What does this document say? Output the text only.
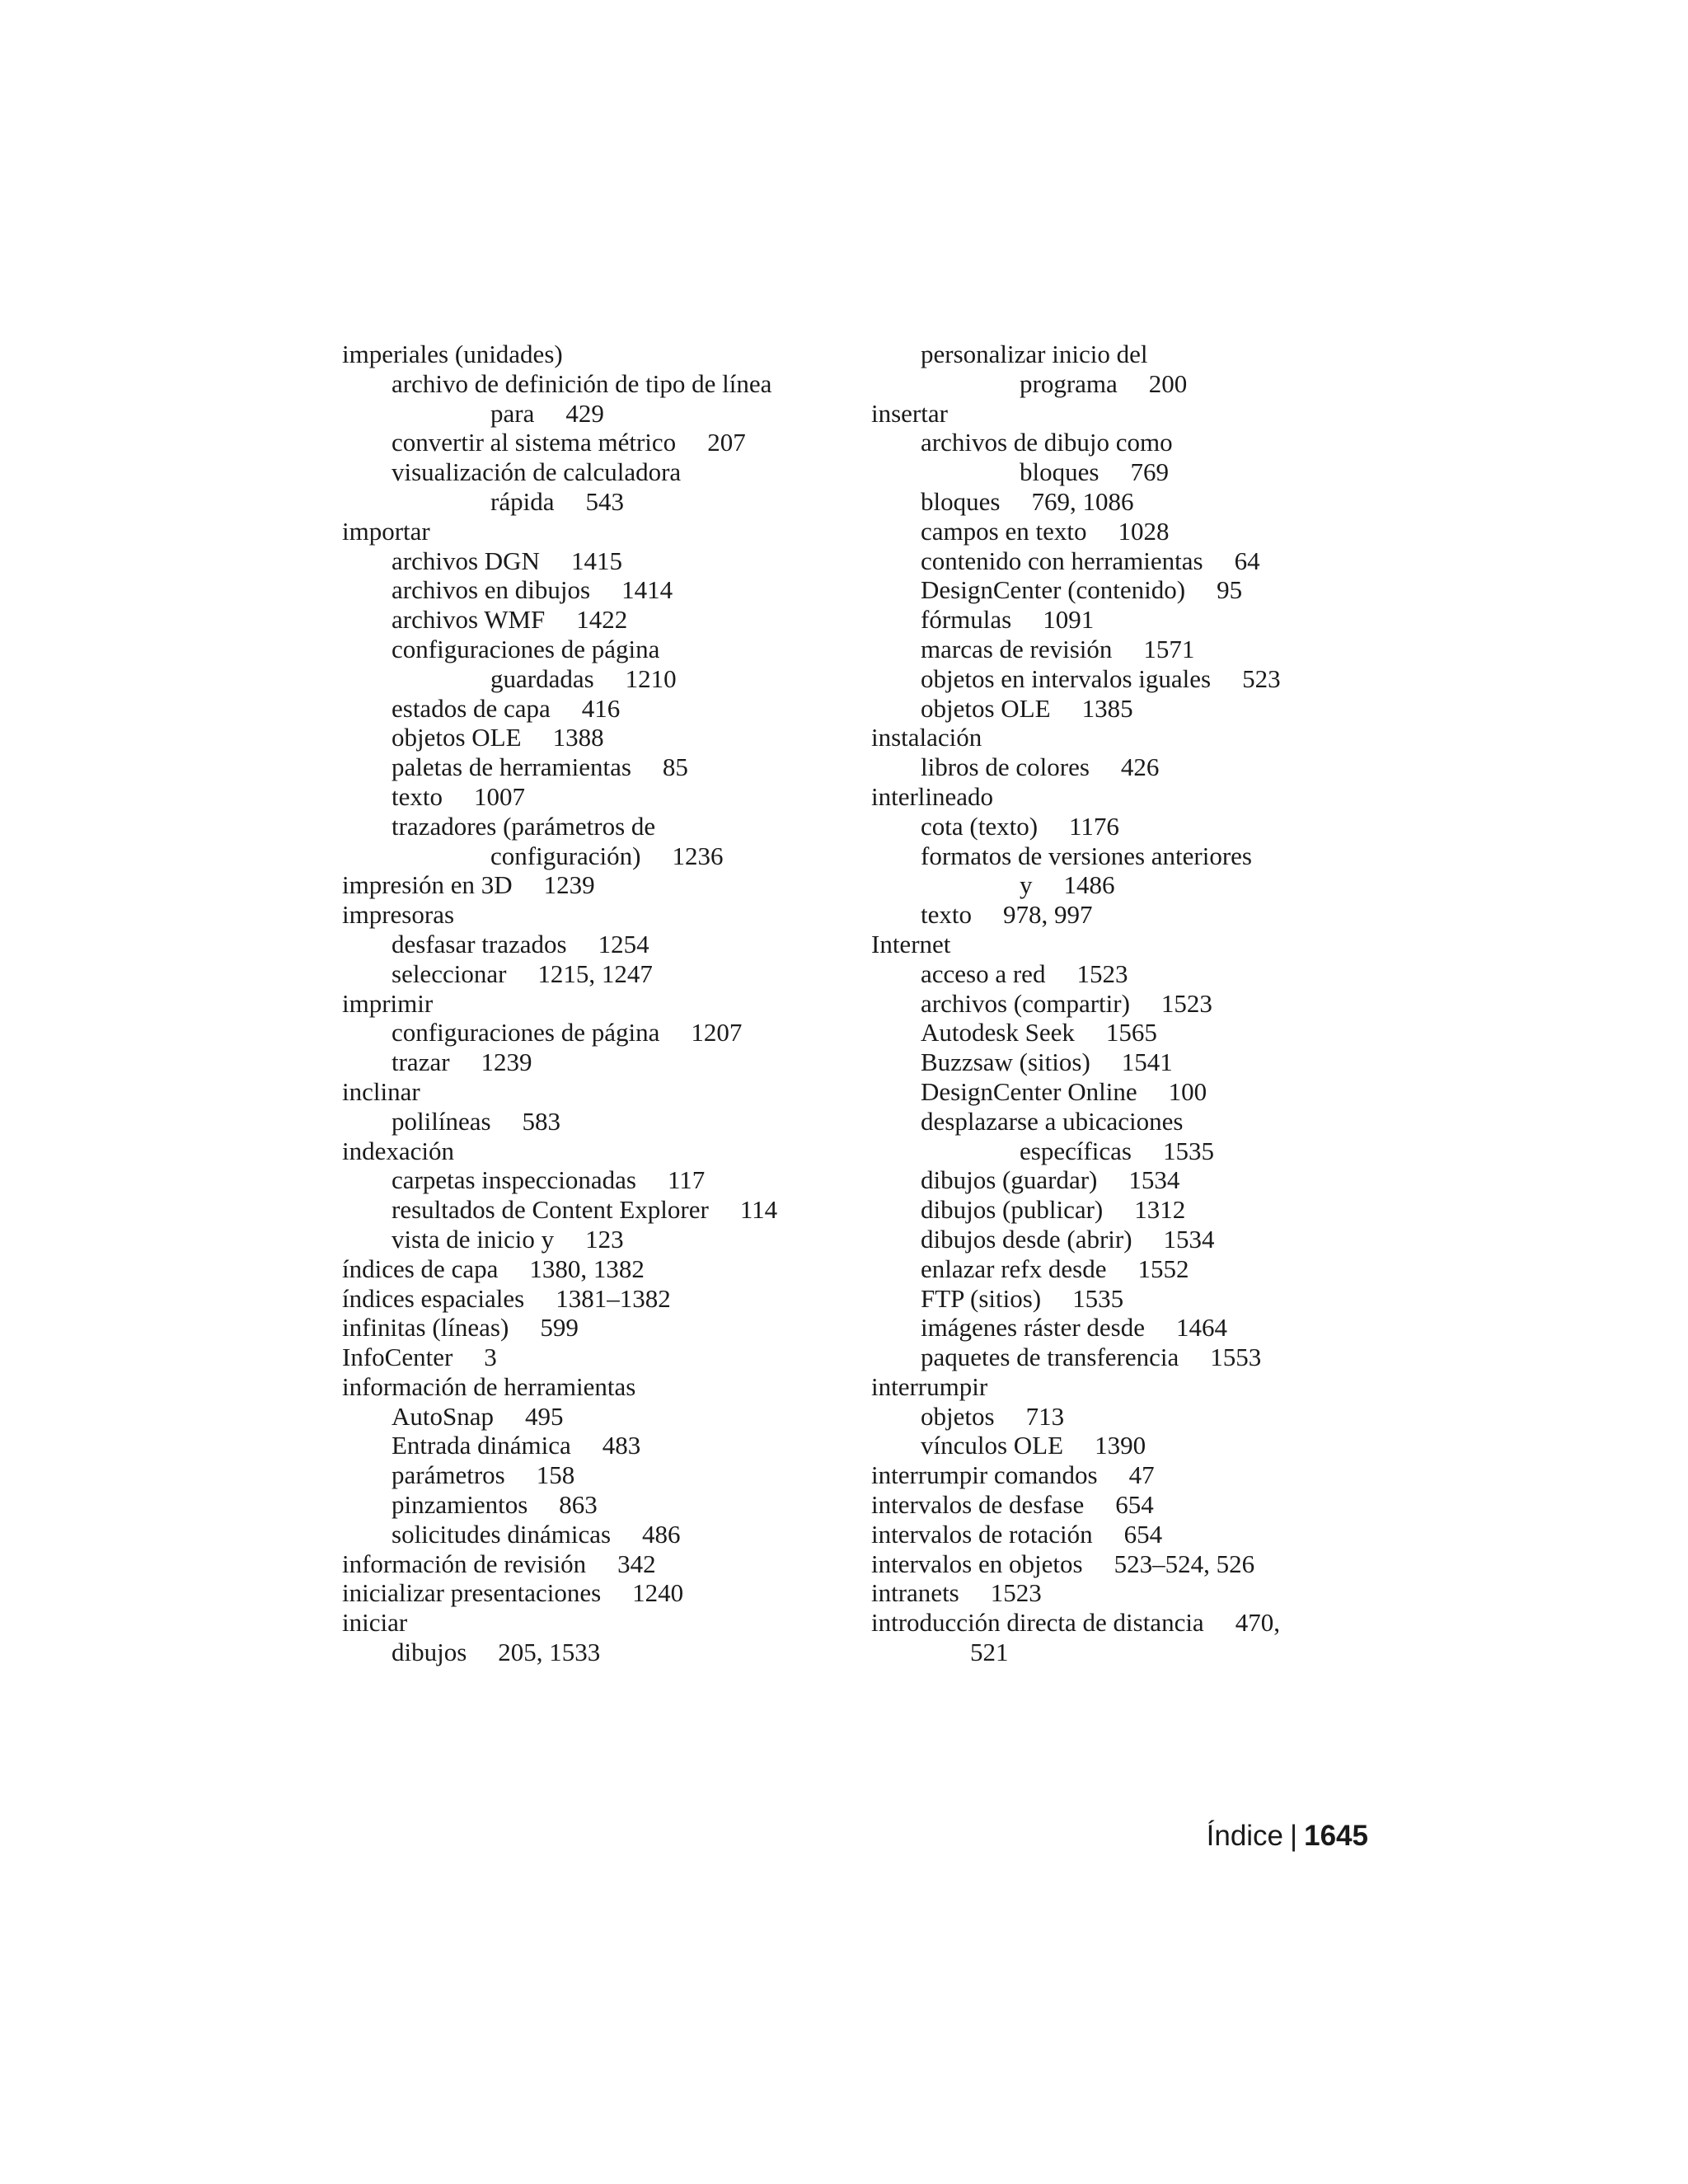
imperiales (unidades)
archivo de definición de tipo de línea
para 429
convertir al sistema métrico 207
visualización de calculadora
rápida 543
importar
archivos DGN 1415
archivos en dibujos 1414
archivos WMF 1422
configuraciones de página
guardadas 1210
estados de capa 416
objetos OLE 1388
paletas de herramientas 85
texto 1007
trazadores (parámetros de
configuración) 1236
impresión en 3D 1239
impresoras
desfasar trazados 1254
seleccionar 1215, 1247
imprimir
configuraciones de página 1207
trazar 1239
inclinar
polilíneas 583
indexación
carpetas inspeccionadas 117
resultados de Content Explorer 114
vista de inicio y 123
índices de capa 1380, 1382
índices espaciales 1381–1382
infinitas (líneas) 599
InfoCenter 3
información de herramientas
AutoSnap 495
Entrada dinámica 483
parámetros 158
pinzamientos 863
solicitudes dinámicas 486
información de revisión 342
inicializar presentaciones 1240
iniciar
dibujos 205, 1533
personalizar inicio del
programa 200
insertar
archivos de dibujo como
bloques 769
bloques 769, 1086
campos en texto 1028
contenido con herramientas 64
DesignCenter (contenido) 95
fórmulas 1091
marcas de revisión 1571
objetos en intervalos iguales 523
objetos OLE 1385
instalación
libros de colores 426
interlineado
cota (texto) 1176
formatos de versiones anteriores
y 1486
texto 978, 997
Internet
acceso a red 1523
archivos (compartir) 1523
Autodesk Seek 1565
Buzzsaw (sitios) 1541
DesignCenter Online 100
desplazarse a ubicaciones
específicas 1535
dibujos (guardar) 1534
dibujos (publicar) 1312
dibujos desde (abrir) 1534
enlazar refx desde 1552
FTP (sitios) 1535
imágenes ráster desde 1464
paquetes de transferencia 1553
interrumpir
objetos 713
vínculos OLE 1390
interrumpir comandos 47
intervalos de desfase 654
intervalos de rotación 654
intervalos en objetos 523–524, 526
intranets 1523
introducción directa de distancia 470,
521
Índice | 1645
